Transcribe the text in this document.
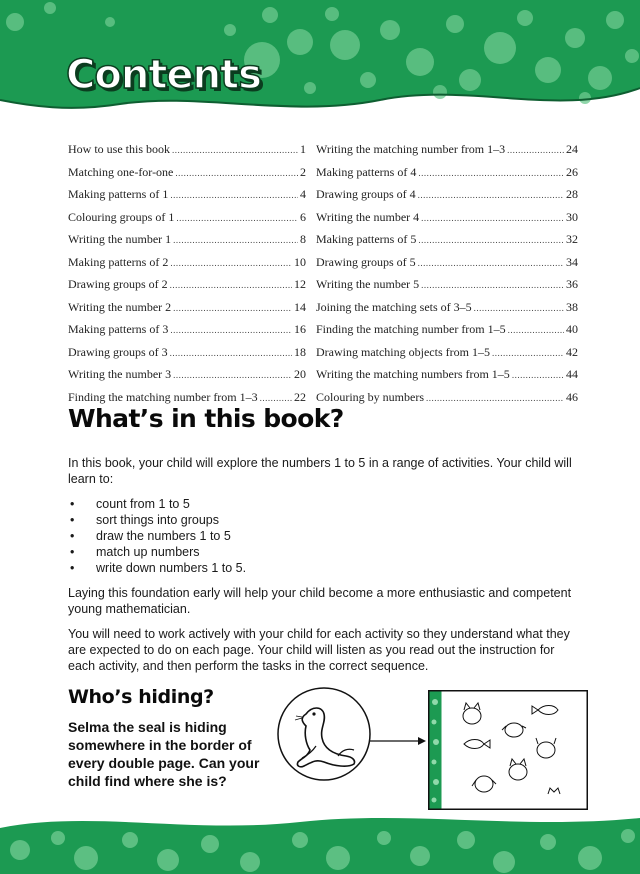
Contents
How to use this book .....	1
Matching one-for-one .....	2
Making patterns of 1 .....	4
Colouring groups of 1 .....	6
Writing the number 1 .....	8
Making patterns of 2 .....	10
Drawing groups of 2 .....	12
Writing the number 2 .....	14
Making patterns of 3 .....	16
Drawing groups of 3 .....	18
Writing the number 3 .....	20
Finding the matching number from 1–3 .....	22
Writing the matching number from 1–3 .....	24
Making patterns of 4 .....	26
Drawing groups of 4 .....	28
Writing the number 4 .....	30
Making patterns of 5 .....	32
Drawing groups of 5 .....	34
Writing the number 5 .....	36
Joining the matching sets of 3–5 .....	38
Finding the matching number from 1–5 .....	40
Drawing matching objects from 1–5 .....	42
Writing the matching numbers from 1–5 .....	44
Colouring by numbers .....	46
What’s in this book?

In this book, your child will explore the numbers 1 to 5 in a range of activities. Your child will learn to:

• count from 1 to 5
• sort things into groups
• draw the numbers 1 to 5
• match up numbers
• write down numbers 1 to 5.

Laying this foundation early will help your child become a more enthusiastic and competent young mathematician.

You will need to work actively with your child for each activity so they understand what they are expected to do on each page. Your child will listen as you read out the instruction for each activity, and then perform the tasks in the correct sequence.

Who’s hiding?
Selma the seal is hiding somewhere in the border of every double page. Can your child find where she is?
